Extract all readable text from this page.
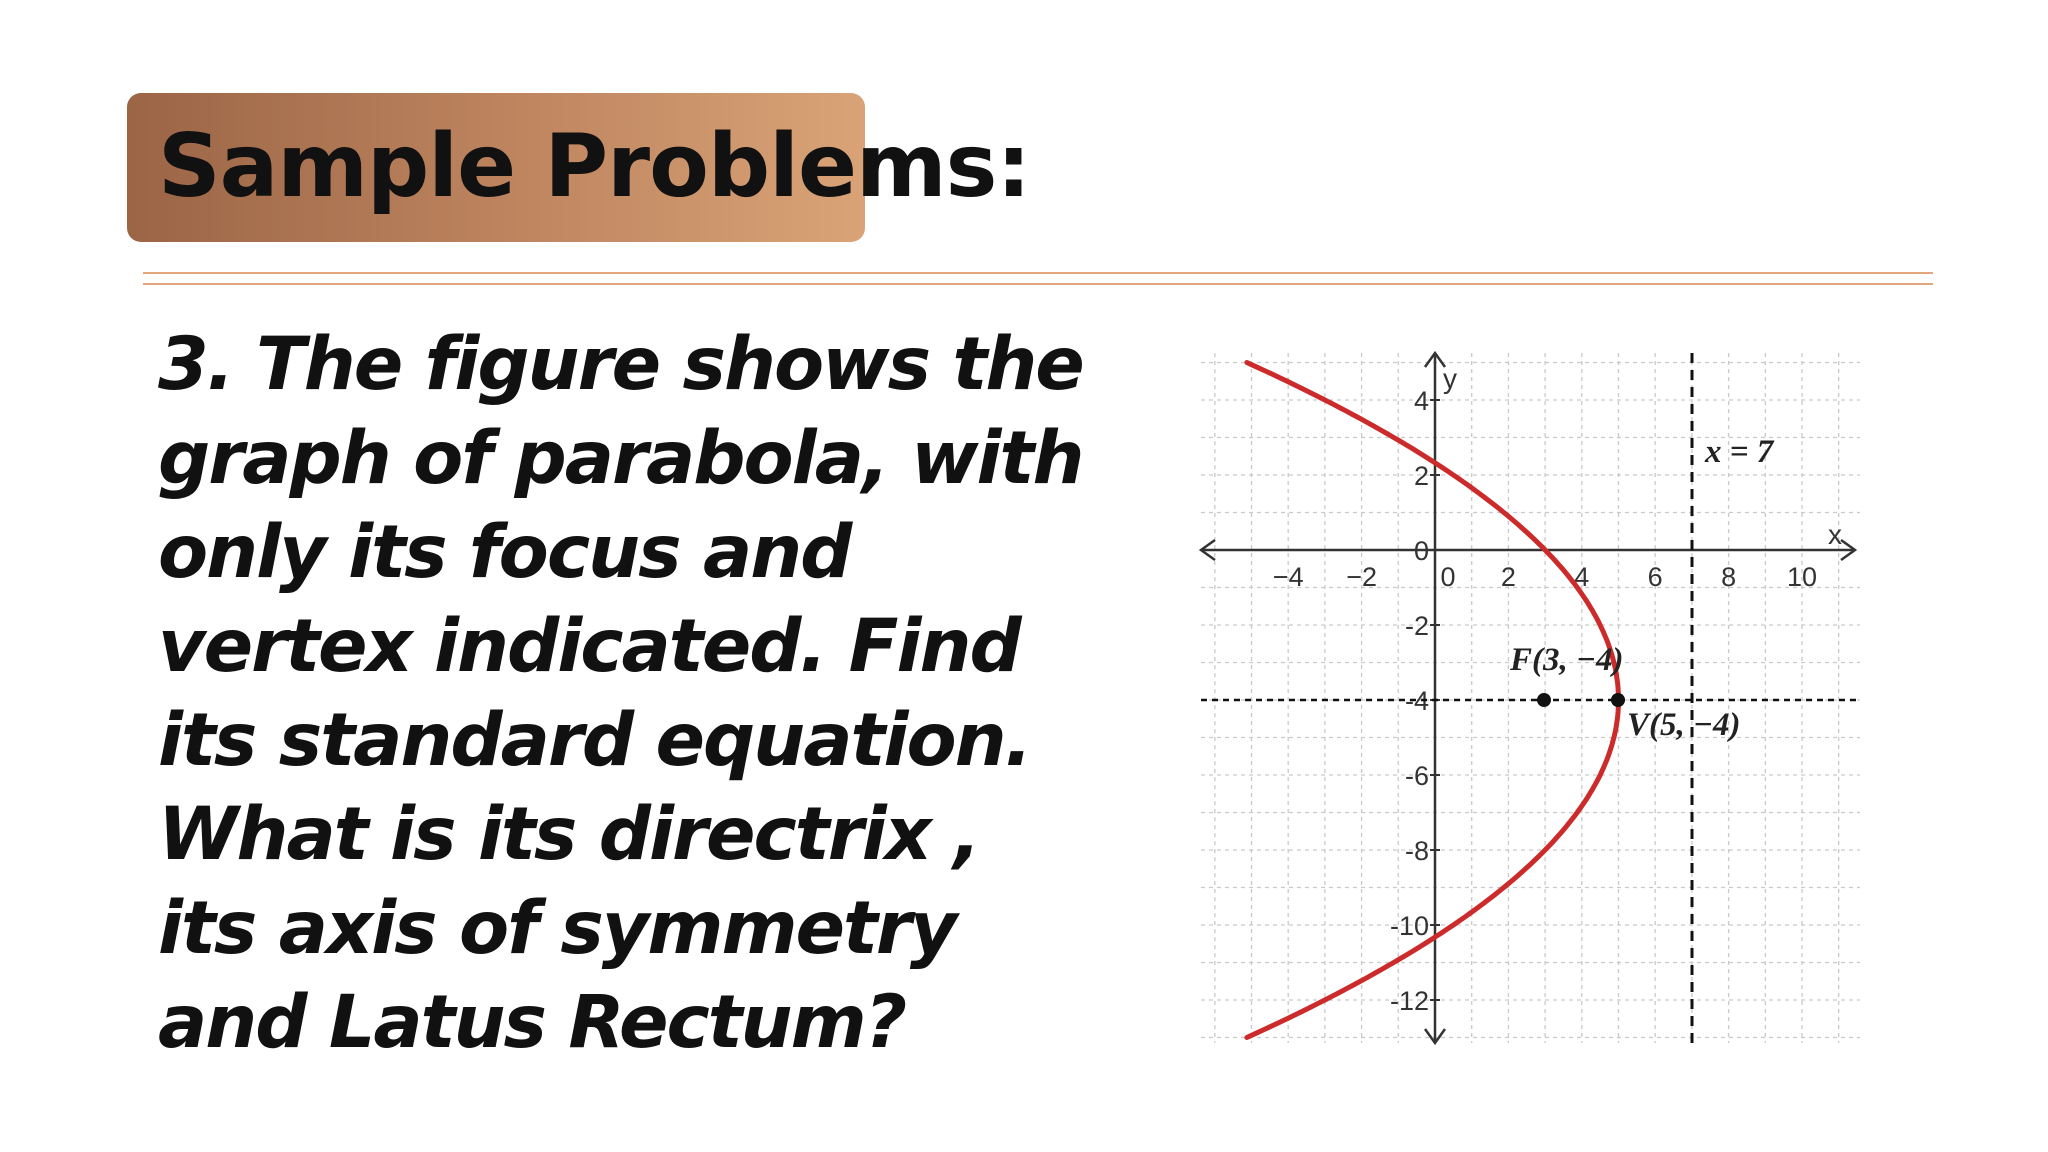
Sample Problems:
3. The figure shows the graph of parabola, with only its focus and vertex indicated. Find its standard equation. What is its directrix , its axis of symmetry and Latus Rectum?
−4 −2 0 2 4 6 8 10
4
2
0
-2
-4
-6
-8
-10
-12
y
x
F(3, −4)
V(5, −4)
x = 7
